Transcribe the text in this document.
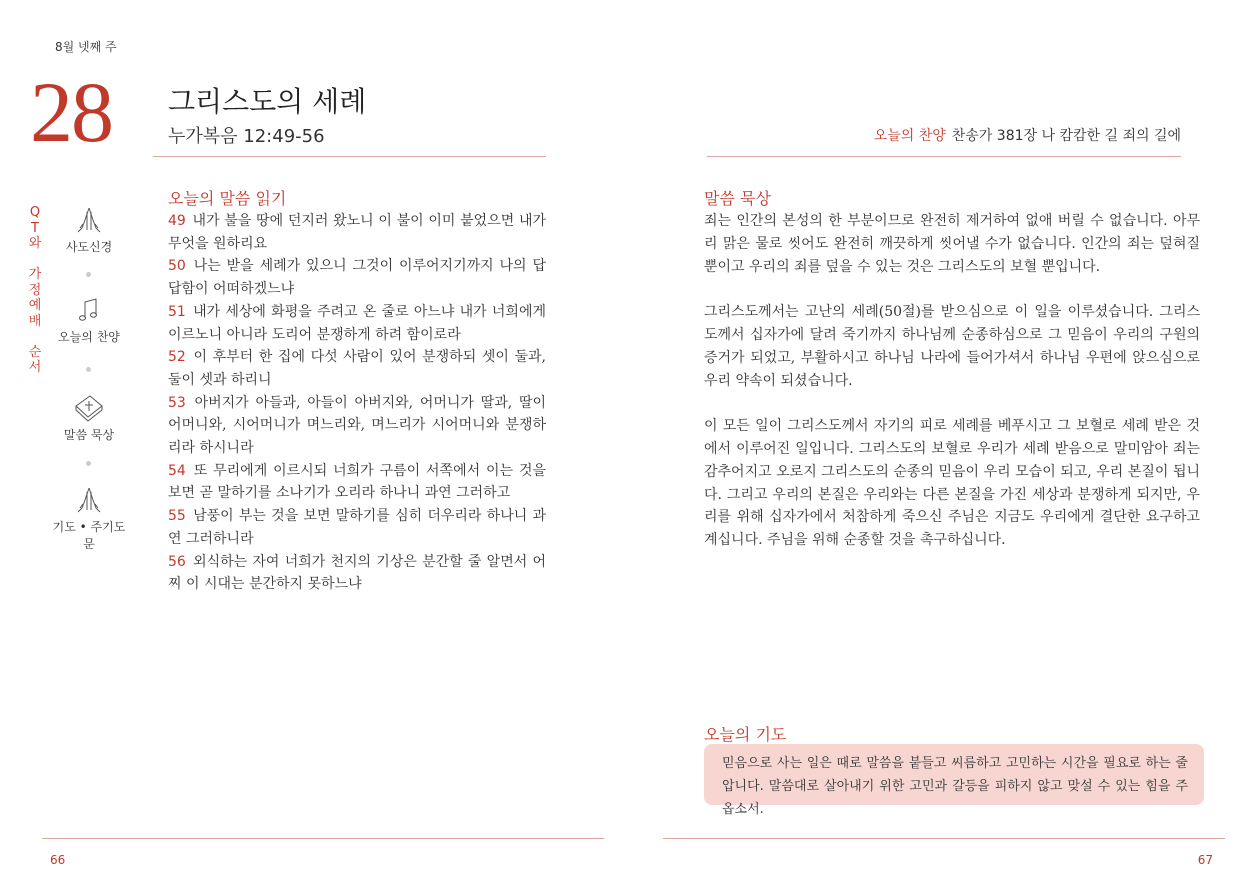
8월 넷째 주
28 그리스도의 세례
누가복음 12:49-56	오늘의 찬양 찬송가 381장 나 캄캄한 길 죄의 길에
Q
T
와
가
정
예
배
순
서
사도신경
오늘의 찬양
말씀 묵상
기도 • 주기도문
오늘의 말씀 읽기
49 내가 불을 땅에 던지러 왔노니 이 불이 이미 붙었으면 내가 무엇을 원하리요
50 나는 받을 세례가 있으니 그것이 이루어지기까지 나의 답답함이 어떠하겠느냐
51 내가 세상에 화평을 주려고 온 줄로 아느냐 내가 너희에게 이르노니 아니라 도리어 분쟁하게 하려 함이로라
52 이 후부터 한 집에 다섯 사람이 있어 분쟁하되 셋이 둘과, 둘이 셋과 하리니
53 아버지가 아들과, 아들이 아버지와, 어머니가 딸과, 딸이 어머니와, 시어머니가 며느리와, 며느리가 시어머니와 분쟁하리라 하시니라
54 또 무리에게 이르시되 너희가 구름이 서쪽에서 이는 것을 보면 곧 말하기를 소나기가 오리라 하나니 과연 그러하고
55 남풍이 부는 것을 보면 말하기를 심히 더우리라 하나니 과연 그러하니라
56 외식하는 자여 너희가 천지의 기상은 분간할 줄 알면서 어찌 이 시대는 분간하지 못하느냐
말씀 묵상

죄는 인간의 본성의 한 부분이므로 완전히 제거하여 없애 버릴 수 없습니다. 아무리 맑은 물로 씻어도 완전히 깨끗하게 씻어낼 수가 없습니다. 인간의 죄는 덮혀질 뿐이고 우리의 죄를 덮을 수 있는 것은 그리스도의 보혈 뿐입니다.

그리스도께서는 고난의 세례(50절)를 받으심으로 이 일을 이루셨습니다. 그리스도께서 십자가에 달려 죽기까지 하나님께 순종하심으로 그 믿음이 우리의 구원의 증거가 되었고, 부활하시고 하나님 나라에 들어가셔서 하나님 우편에 앉으심으로 우리 약속이 되셨습니다.

이 모든 일이 그리스도께서 자기의 피로 세례를 베푸시고 그 보혈로 세례 받은 것에서 이루어진 일입니다. 그리스도의 보혈로 우리가 세례 받음으로 말미암아 죄는 감추어지고 오로지 그리스도의 순종의 믿음이 우리 모습이 되고, 우리 본질이 됩니다. 그리고 우리의 본질은 우리와는 다른 본질을 가진 세상과 분쟁하게 되지만, 우리를 위해 십자가에서 처참하게 죽으신 주님은 지금도 우리에게 결단한 요구하고 계십니다. 주님을 위해 순종할 것을 촉구하십니다.

오늘의 기도
믿음으로 사는 일은 때로 말씀을 붙들고 씨름하고 고민하는 시간을 필요로 하는 줄 압니다. 말씀대로 살아내기 위한 고민과 갈등을 피하지 않고 맞설 수 있는 힘을 주옵소서.
66	67
